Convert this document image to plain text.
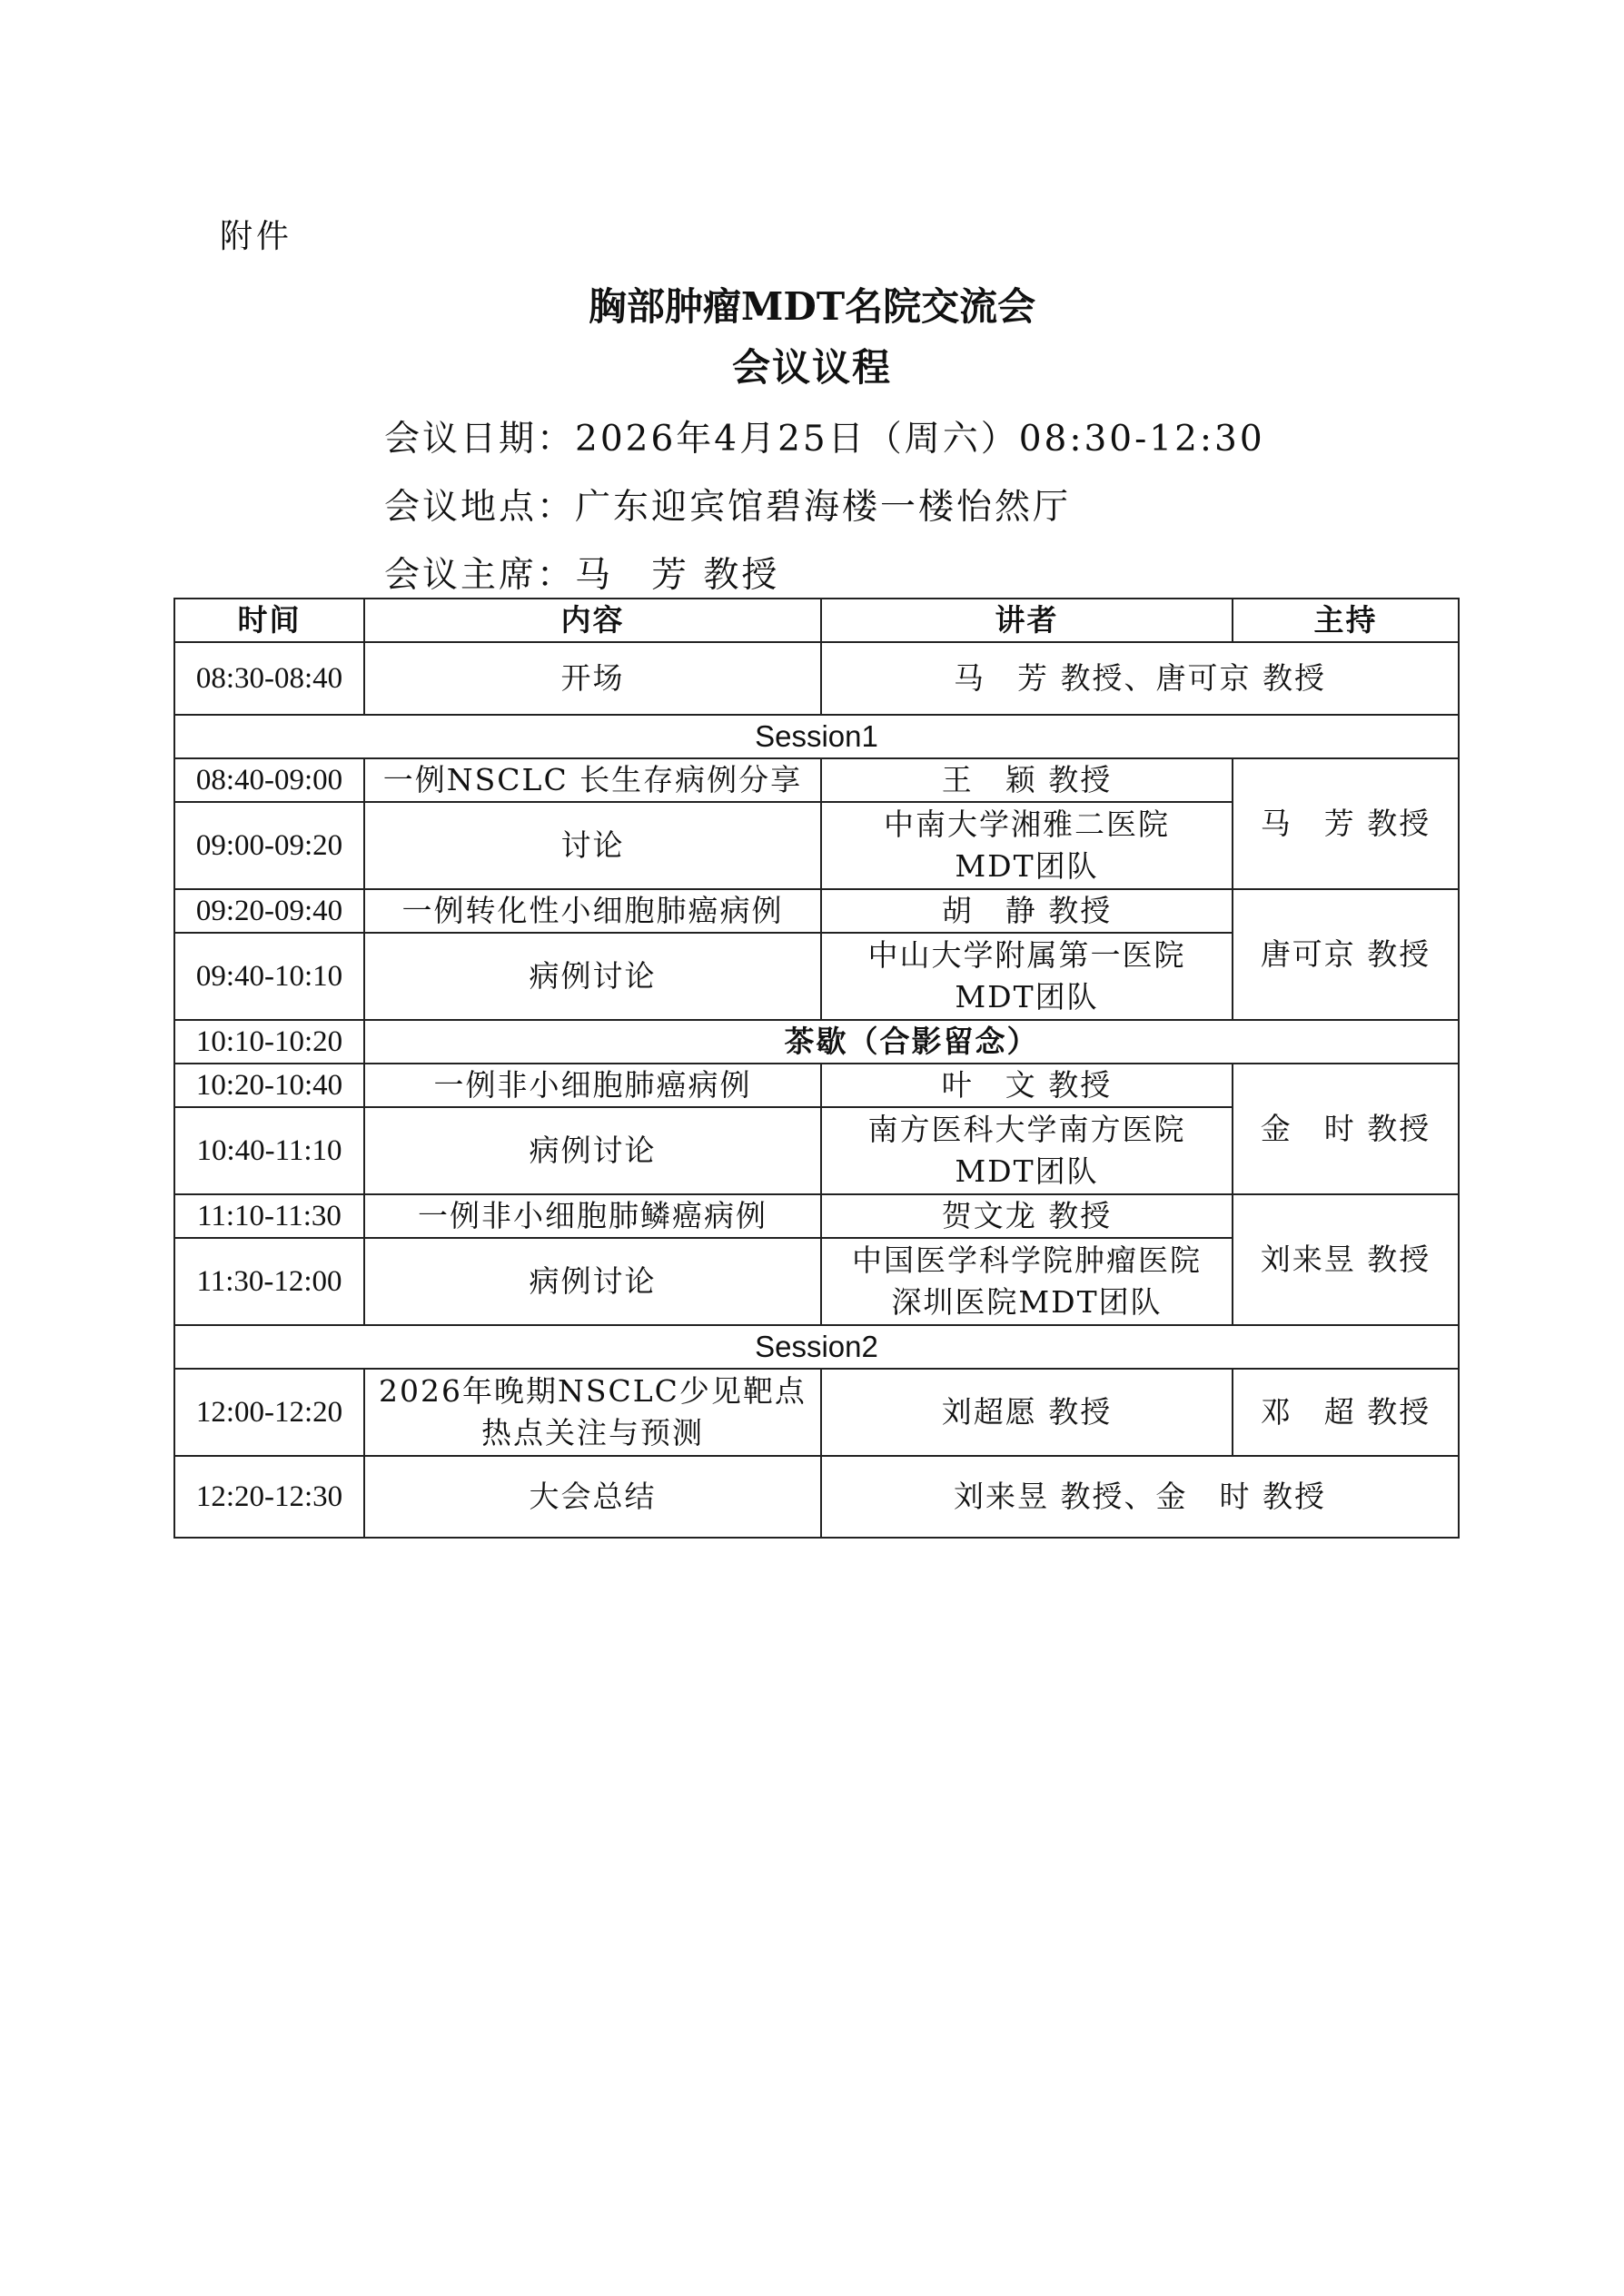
附件
胸部肿瘤MDT名院交流会
会议议程
会议日期：2026年4月25日（周六）08:30-12:30
会议地点：广东迎宾馆碧海楼一楼怡然厅
会议主席：马　芳 教授
时间	内容	讲者	主持
08:30-08:40	开场	马　芳 教授、唐可京 教授	
Session1			
08:40-09:00	一例NSCLC 长生存病例分享	王　颖 教授	马　芳 教授
09:00-09:20	讨论	中南大学湘雅二医院
MDT团队	

09:20-09:40	一例转化性小细胞肺癌病例	胡　静 教授	唐可京 教授
09:40-10:10	病例讨论	中山大学附属第一医院
MDT团队	

10:10-10:20	茶歇（合影留念）		
10:20-10:40	一例非小细胞肺癌病例	叶　文 教授	金　时 教授
10:40-11:10	病例讨论	南方医科大学南方医院
MDT团队	

11:10-11:30	一例非小细胞肺鳞癌病例	贺文龙 教授	刘来昱 教授
11:30-12:00	病例讨论	中国医学科学院肿瘤医院
深圳医院MDT团队	

Session2			
12:00-12:20	2026年晚期NSCLC少见靶点
热点关注与预测	刘超愿 教授	邓　超 教授
12:20-12:30	大会总结	刘来昱 教授、金　时 教授	
